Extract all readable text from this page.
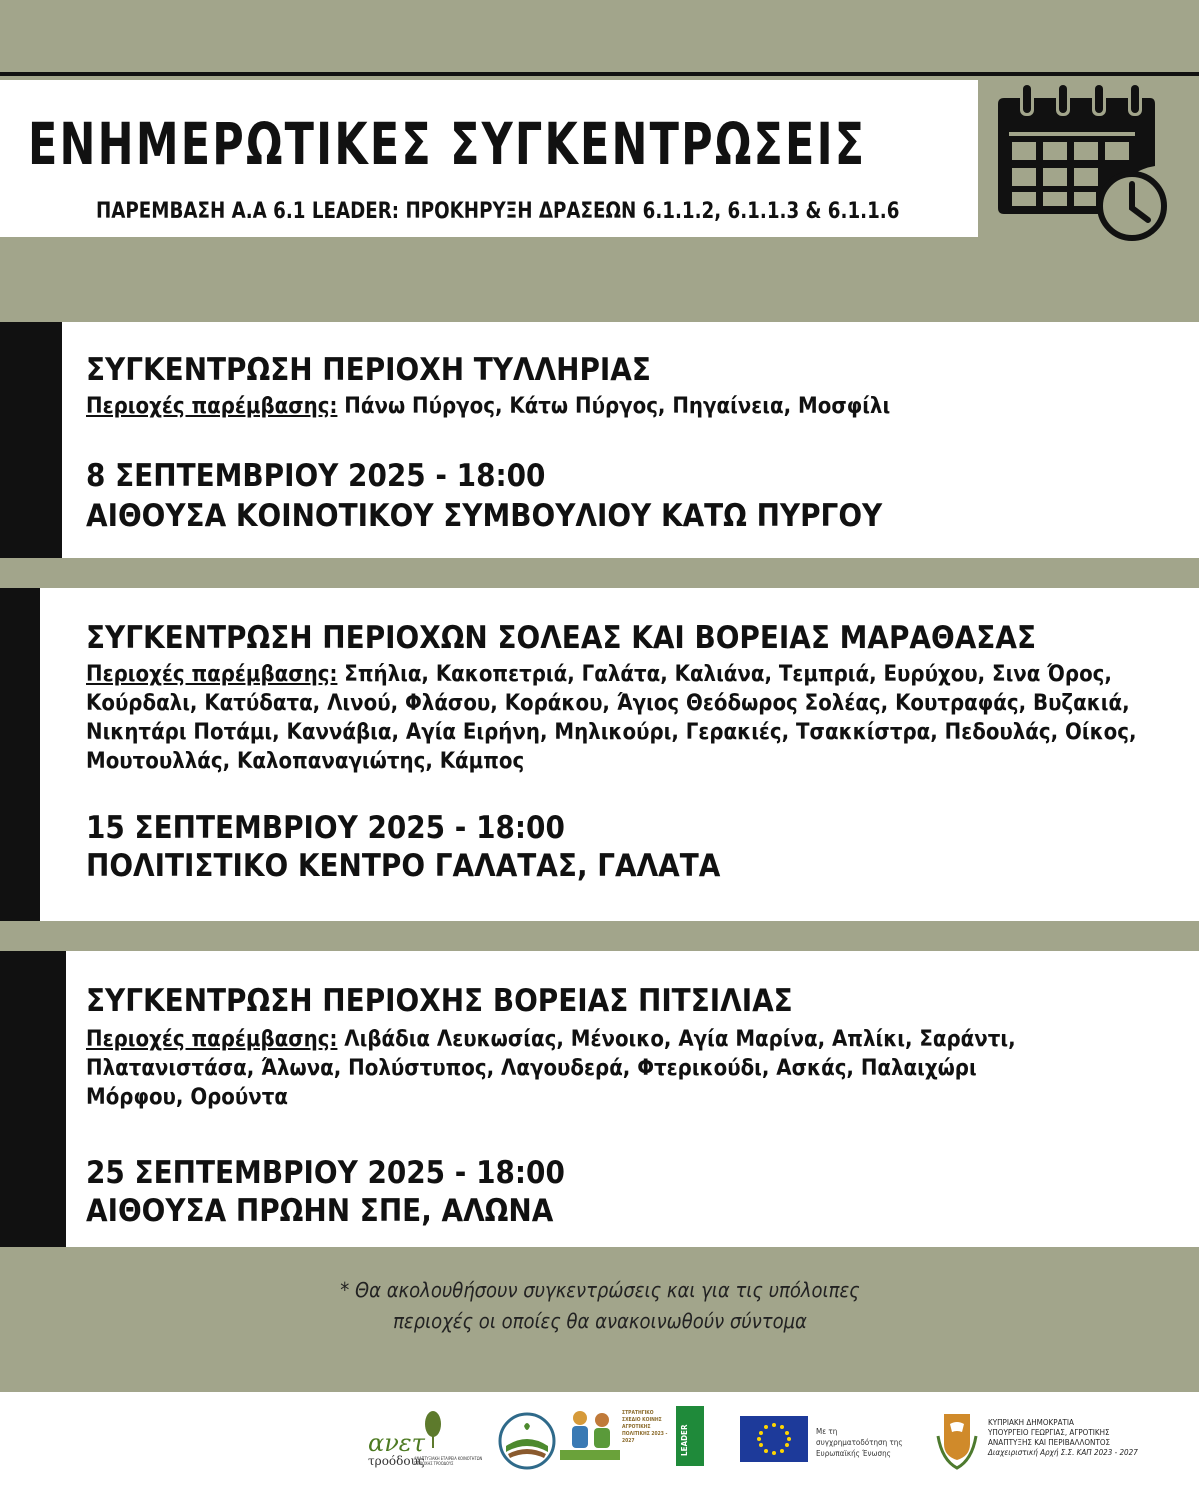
ΕΝΗΜΕΡΩΤΙΚΕΣ ΣΥΓΚΕΝΤΡΩΣΕΙΣ
ΠΑΡΕΜΒΑΣΗ Α.Α 6.1 LEADER: ΠΡΟΚΗΡΥΞΗ ΔΡΑΣΕΩΝ 6.1.1.2, 6.1.1.3 & 6.1.1.6
ΣΥΓΚΕΝΤΡΩΣΗ ΠΕΡΙΟΧΗ ΤΥΛΛΗΡΙΑΣ
Περιοχές παρέμβασης: Πάνω Πύργος, Κάτω Πύργος, Πηγαίνεια, Μοσφίλι
8 ΣΕΠΤΕΜΒΡΙΟΥ 2025 - 18:00
ΑΙΘΟΥΣΑ ΚΟΙΝΟΤΙΚΟΥ ΣΥΜΒΟΥΛΙΟΥ ΚΑΤΩ ΠΥΡΓΟΥ
ΣΥΓΚΕΝΤΡΩΣΗ ΠΕΡΙΟΧΩΝ ΣΟΛΕΑΣ ΚΑΙ ΒΟΡΕΙΑΣ ΜΑΡΑΘΑΣΑΣ
Περιοχές παρέμβασης: Σπήλια, Κακοπετριά, Γαλάτα, Καλιάνα, Τεμπριά, Ευρύχου, Σινα Όρος, Κούρδαλι, Κατύδατα, Λινού, Φλάσου, Κοράκου, Άγιος Θεόδωρος Σολέας, Κουτραφάς, Βυζακιά, Νικητάρι Ποτάμι, Καννάβια, Αγία Ειρήνη, Μηλικούρι, Γερακιές, Τσακκίστρα, Πεδουλάς, Οίκος, Μουτουλλάς, Καλοπαναγιώτης, Κάμπος
15 ΣΕΠΤΕΜΒΡΙΟΥ 2025 - 18:00
ΠΟΛΙΤΙΣΤΙΚΟ ΚΕΝΤΡΟ ΓΑΛΑΤΑΣ, ΓΑΛΑΤΑ
ΣΥΓΚΕΝΤΡΩΣΗ ΠΕΡΙΟΧΗΣ ΒΟΡΕΙΑΣ ΠΙΤΣΙΛΙΑΣ
Περιοχές παρέμβασης: Λιβάδια Λευκωσίας, Μένοικο, Αγία Μαρίνα, Απλίκι, Σαράντι, Πλατανιστάσα, Άλωνα, Πολύστυπος, Λαγουδερά, Φτερικούδι, Ασκάς, Παλαιχώρι Μόρφου, Ορούντα
25 ΣΕΠΤΕΜΒΡΙΟΥ 2025 - 18:00
ΑΙΘΟΥΣΑ ΠΡΩΗΝ ΣΠΕ, ΑΛΩΝΑ
* Θα ακολουθήσουν συγκεντρώσεις και για τις υπόλοιπες
περιοχές οι οποίες θα ανακοινωθούν σύντομα
ανετ
τροόδους
ΑΝΑΠΤΥΞΙΑΚΗ ΕΤΑΙΡΕΙΑ ΚΟΙΝΟΤΗΤΩΝ ΠΕΡΙΟΧΗΣ ΤΡΟΟΔΟΥΣ
ΣΤΡΑΤΗΓΙΚΟ ΣΧΕΔΙΟ ΚΟΙΝΗΣ ΑΓΡΟΤΙΚΗΣ ΠΟΛΙΤΙΚΗΣ 2023 - 2027	LEADER	Με τη συγχρηματοδότηση της Ευρωπαϊκής Ένωσης
ΚΥΠΡΙΑΚΗ ΔΗΜΟΚΡΑΤΙΑ
ΥΠΟΥΡΓΕΙΟ ΓΕΩΡΓΙΑΣ, ΑΓΡΟΤΙΚΗΣ
ΑΝΑΠΤΥΞΗΣ ΚΑΙ ΠΕΡΙΒΑΛΛΟΝΤΟΣ
Διαχειριστική Αρχή Σ.Σ. ΚΑΠ 2023 - 2027
